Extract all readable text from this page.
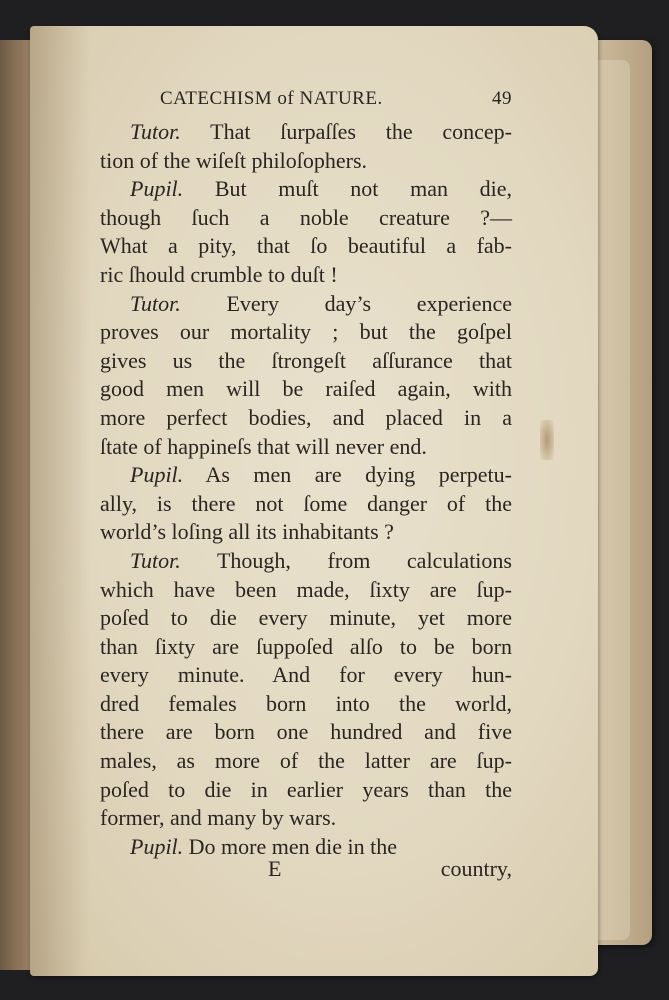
CATECHISM of NATURE.	49
Tutor. That ſurpaſſes the concep-
tion of the wiſeſt philoſophers.
Pupil. But muſt not man die,
though ſuch a noble creature ?—
What a pity, that ſo beautiful a fab-
ric ſhould crumble to duſt !
Tutor. Every day’s experience
proves our mortality ; but the goſpel
gives us the ſtrongeſt aſſurance that
good men will be raiſed again, with
more perfect bodies, and placed in a
ſtate of happineſs that will never end.
Pupil. As men are dying perpetu-
ally, is there not ſome danger of the
world’s loſing all its inhabitants ?
Tutor. Though, from calculations
which have been made, ſixty are ſup-
poſed to die every minute, yet more
than ſixty are ſuppoſed alſo to be born
every minute. And for every hun-
dred females born into the world,
there are born one hundred and five
males, as more of the latter are ſup-
poſed to die in earlier years than the
former, and many by wars.
Pupil. Do more men die in the
E	country,
